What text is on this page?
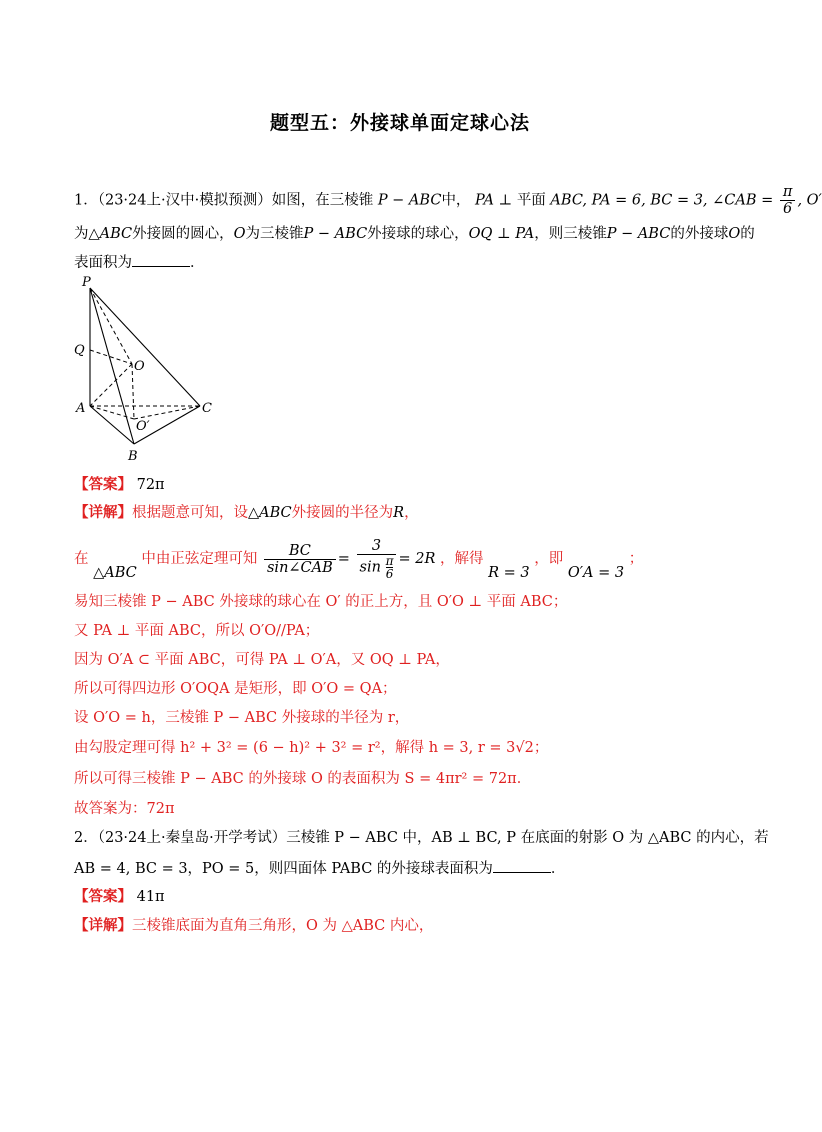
题型五：外接球单面定球心法
1．（23·24上·汉中·模拟预测）如图，在三棱锥 P − ABC中， PA ⊥ 平面 ABC, PA = 6, BC = 3, ∠CAB = $\frac{\pi}{6}$ , O′
为△ABC外接圆的圆心，O为三棱锥P − ABC外接球的球心，OQ ⊥ PA，则三棱锥P − ABC的外接球O的
表面积为	．
P
Q
O
A	C
O′
B
【答案】 72π
【详解】根据题意可知，设△ABC外接圆的半径为R，
在 △ABC 中由正弦定理可知 $\frac{BC}{\text{sin∠CAB}} = \frac{3}{\sin \frac{\pi}{6}} = 2R$ ，解得 R = 3 ，即 O′A = 3 ；
易知三棱锥 P − ABC 外接球的球心在 O′ 的正上方，且 O′O ⊥ 平面 ABC；
又 PA ⊥ 平面 ABC，所以 O′O//PA；
因为 O′A ⊂ 平面 ABC，可得 PA ⊥ O′A，又 OQ ⊥ PA，
所以可得四边形 O′OQA 是矩形，即 O′O = QA；
设 O′O = h，三棱锥 P − ABC 外接球的半径为 r，
由勾股定理可得 h² + 3² = (6 − h)² + 3² = r²，解得 h = 3, r = 3√2；
所以可得三棱锥 P − ABC 的外接球 O 的表面积为 S = 4πr² = 72π．
故答案为：72π
2．（23·24上·秦皇岛·开学考试）三棱锥 P − ABC 中，AB ⊥ BC, P 在底面的射影 O 为 △ABC 的内心，若
AB = 4, BC = 3，PO = 5，则四面体 PABC 的外接球表面积为	．
【答案】 41π
【详解】三棱锥底面为直角三角形，O 为 △ABC 内心，
